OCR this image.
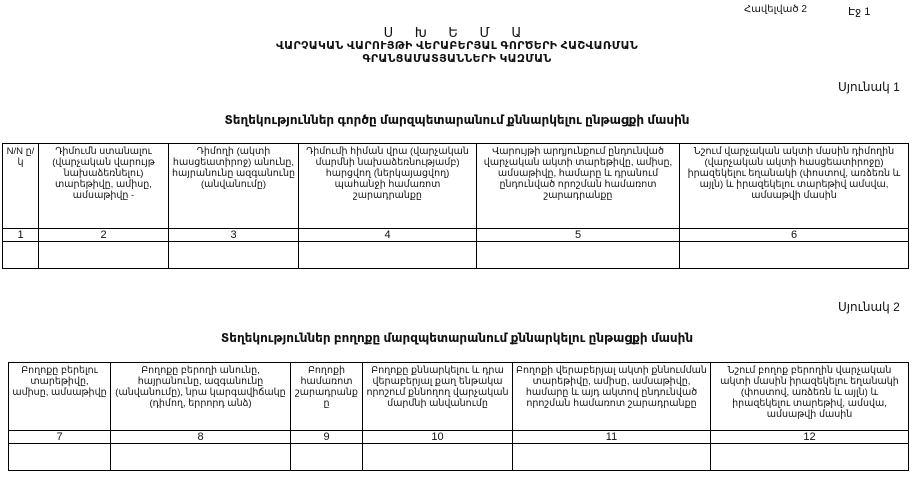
Հավելված 2	Էջ 1
Ս Խ Ե Մ Ա
ՎԱՐՉԱԿԱՆ ՎԱՐՈՒՅԹԻ ՎԵՐԱԲԵՐՅԱԼ ԳՈՐԾԵՐԻ ՀԱՇՎԱՌՄԱՆ
ԳՐԱՆՑԱՄԱՏՅԱՆՆԵՐԻ ԿԱԶՄԱՆ
Սյունակ 1
Տեղեկություններ գործը մարզպետարանում քննարկելու ընթացքի մասին
N/N ը/կ	Դիմումն ստանալու (վարչական վարույթ նախաձեռնելու) տարեթիվը, ամիսը, ամսաթիվը -	Դիմողի (ակտի հասցեատիրոջ) անունը, հայրանունը ազգանունը (անվանումը)	Դիմումի հիման վրա (վարչական մարմնի նախաձեռնությամբ) հարցվող (ներկայացվող) պահանջի համառոտ շարադրանքը	Վարույթի արդյունքում ընդունված վարչական ակտի տարեթիվը, ամիսը, ամսաթիվը, համարը և դրանում ընդունված որոշման համառոտ շարադրանքը	Նշում վարչական ակտի մասին դիմողին (վարչական ակտի հասցեատիրոջը) իրազեկելու եղանակի (փոստով, առձեռն և այլն) և իրազեկելու տարեթիվ ամսվա, ամսաթվի մասին
1	2	3	4	5	6

Սյունակ 2
Տեղեկություններ բողոքը մարզպետարանում քննարկելու ընթացքի մասին
Բողոքը բերելու տարեթիվը, ամիսը, ամսաթիվը	Բողոքը բերողի անունը, հայրանունը, ազգանունը (անվանումը), նրա կարգավիճակը (դիմող, երրորդ անձ)	Բողոքի համառոտ շարադրանքը	Բողոքը քննարկելու և դրա վերաբերյալ քաղ ենթակա որոշում քննողող վարչական մարմնի անվանումը	Բողոքի վերաբերյալ ակտի քննումման տարեթիվը, ամիսը, ամսաթիվը, համարը և այդ ակտով ընդունված որոշման համառոտ շարադրանքը	Նշում բողոք բերողին վարչական ակտի մասին իրազեկելու եղանակի (փոստով, առձեռն և այլն) և իրազեկելու տարեթիվ, ամսվա, ամսաթվի մասին
7	8	9	10	11	12
